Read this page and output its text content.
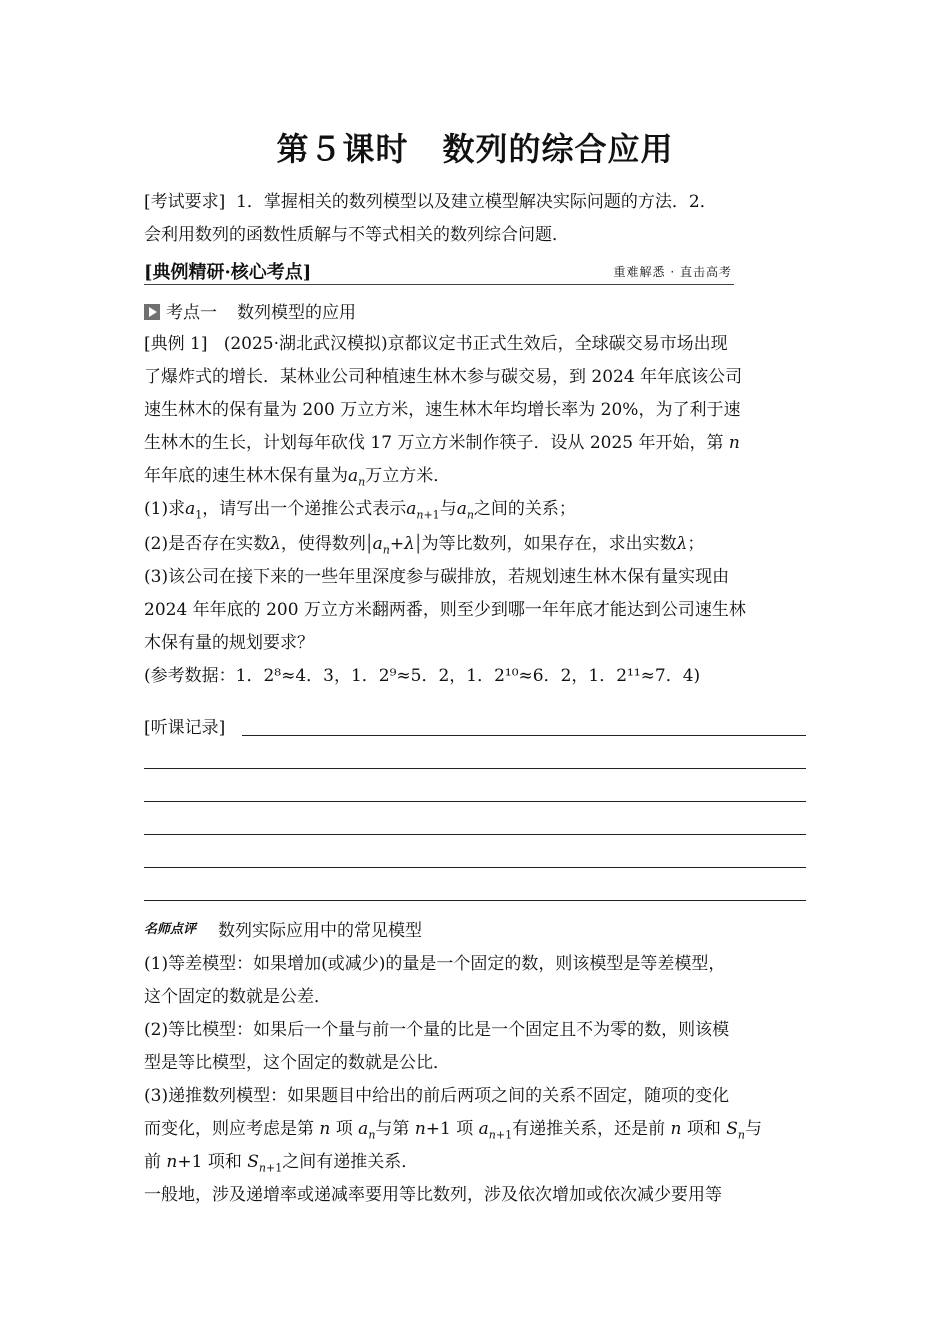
第５课时 数列的综合应用

[考试要求] 1．掌握相关的数列模型以及建立模型解决实际问题的方法．2．
会利用数列的函数性质解与不等式相关的数列综合问题．

[典例精研·核心考点]	重难解悉 · 直击高考
考点一 数列模型的应用

[典例 1] (2025·湖北武汉模拟)京都议定书正式生效后，全球碳交易市场出现
了爆炸式的增长．某林业公司种植速生林木参与碳交易，到 2024 年年底该公司
速生林木的保有量为 200 万立方米，速生林木年均增长率为 20%，为了利于速
生林木的生长，计划每年砍伐 17 万立方米制作筷子．设从 2025 年开始，第 n
年年底的速生林木保有量为$a_n$万立方米．
(1)求$a_1$，请写出一个递推公式表示$a_{n+1}$与$a_n$之间的关系；
(2)是否存在实数λ，使得数列$|a_n+\lambda|$为等比数列，如果存在，求出实数λ；
(3)该公司在接下来的一些年里深度参与碳排放，若规划速生林木保有量实现由
2024 年年底的 200 万立方米翻两番，则至少到哪一年年底才能达到公司速生林
木保有量的规划要求？
(参考数据：1．2⁸≈4．3，1．2⁹≈5．2，1．2¹⁰≈6．2，1．2¹¹≈7．4)

[听课记录]
名师点评 数列实际应用中的常见模型

(1)等差模型：如果增加(或减少)的量是一个固定的数，则该模型是等差模型，
这个固定的数就是公差．
(2)等比模型：如果后一个量与前一个量的比是一个固定且不为零的数，则该模
型是等比模型，这个固定的数就是公比．
(3)递推数列模型：如果题目中给出的前后两项之间的关系不固定，随项的变化
而变化，则应考虑是第 n 项 $a_n$与第 n+1 项 $a_{n+1}$有递推关系，还是前 n 项和 $S_n$与
前 n+1 项和 $S_{n+1}$之间有递推关系．
一般地，涉及递增率或递减率要用等比数列，涉及依次增加或依次减少要用等
